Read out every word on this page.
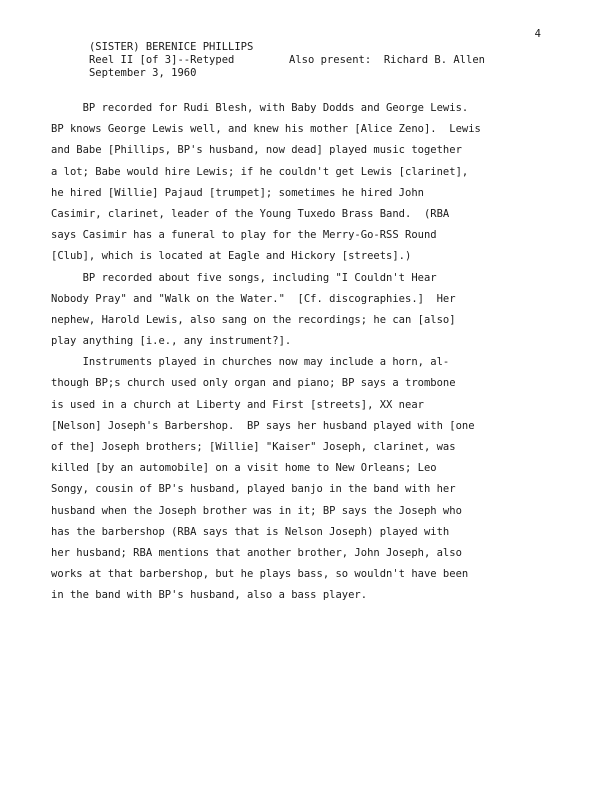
(SISTER) BERENICE PHILLIPS

4

Reel II [of 3]--Retyped

September 3, 1960

Also present:  Richard B. Allen

BP recorded for Rudi Blesh, with Baby Dodds and George Lewis.
BP knows George Lewis well, and knew his mother [Alice Zeno].  Lewis
and Babe [Phillips, BP's husband, now dead] played music together
a lot; Babe would hire Lewis; if he couldn't get Lewis [clarinet],
he hired [Willie] Pajaud [trumpet]; sometimes he hired John
Casimir, clarinet, leader of the Young Tuxedo Brass Band.  (RBA
says Casimir has a funeral to play for the Merry-Go-RSS Round
[Club], which is located at Eagle and Hickory [streets].)
BP recorded about five songs, including "I Couldn't Hear
Nobody Pray" and "Walk on the Water."  [Cf. discographies.]  Her
nephew, Harold Lewis, also sang on the recordings; he can [also]
play anything [i.e., any instrument?].
Instruments played in churches now may include a horn, al-
though BP;s church used only organ and piano; BP says a trombone
is used in a church at Liberty and First [streets], XX near
[Nelson] Joseph's Barbershop.  BP says her husband played with [one
of the] Joseph brothers; [Willie] "Kaiser" Joseph, clarinet, was
killed [by an automobile] on a visit home to New Orleans; Leo
Songy, cousin of BP's husband, played banjo in the band with her
husband when the Joseph brother was in it; BP says the Joseph who
has the barbershop (RBA says that is Nelson Joseph) played with
her husband; RBA mentions that another brother, John Joseph, also
works at that barbershop, but he plays bass, so wouldn't have been
in the band with BP's husband, also a bass player.
